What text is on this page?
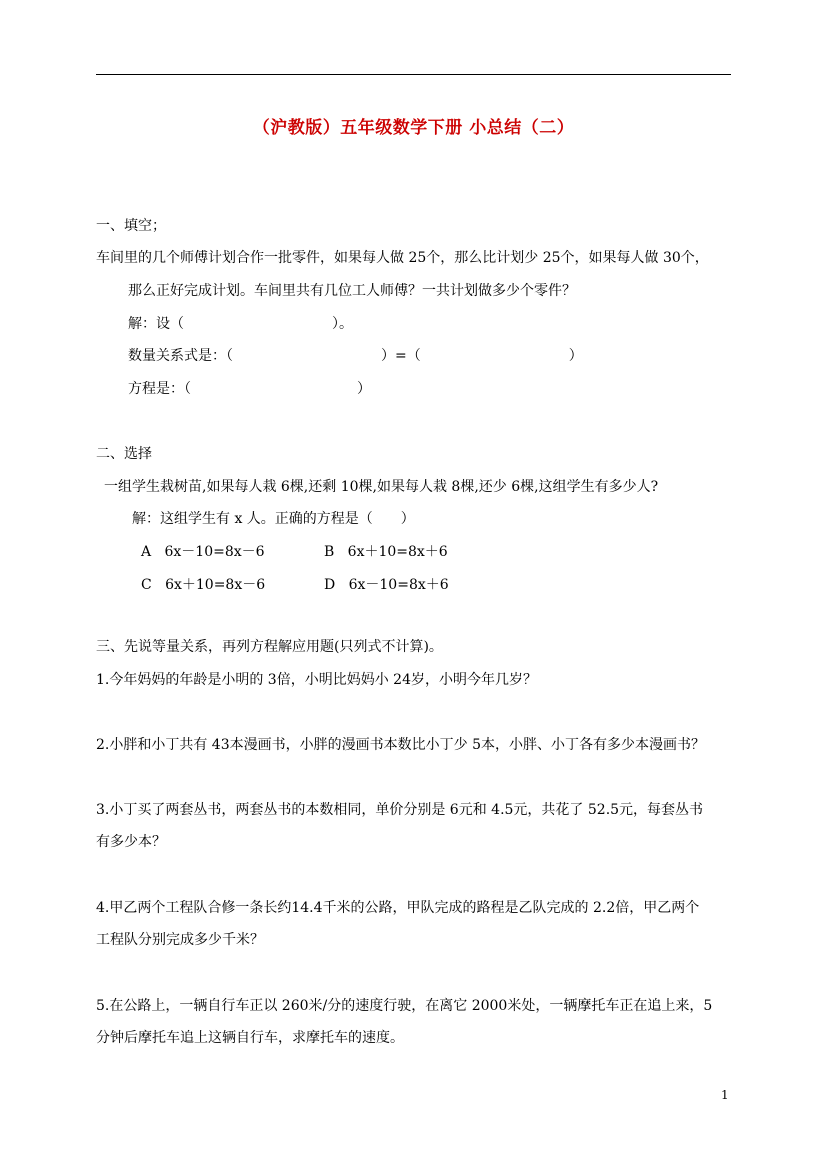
（沪教版）五年级数学下册 小总结（二）
一、填空；
车间里的几个师傅计划合作一批零件，如果每人做 25个，那么比计划少 25个，如果每人做 30个，
那么正好完成计划。车间里共有几位工人师傅？一共计划做多少个零件？
解：设（	）。
数量关系式是：（	）=（	）
方程是：（	）
二、选择
一组学生栽树苗,如果每人栽 6棵,还剩 10棵,如果每人栽 8棵,还少 6棵,这组学生有多少人?
解：这组学生有 x 人。正确的方程是（　　）
A 6x－10=8x－6	B 6x＋10=8x＋6
C 6x＋10=8x－6	D 6x－10=8x＋6
三、先说等量关系，再列方程解应用题(只列式不计算)。
1.今年妈妈的年龄是小明的 3倍，小明比妈妈小 24岁，小明今年几岁？
2.小胖和小丁共有 43本漫画书，小胖的漫画书本数比小丁少 5本，小胖、小丁各有多少本漫画书？
3.小丁买了两套丛书，两套丛书的本数相同，单价分别是 6元和 4.5元，共花了 52.5元，每套丛书
有多少本？
4.甲乙两个工程队合修一条长约14.4千米的公路，甲队完成的路程是乙队完成的 2.2倍，甲乙两个
工程队分别完成多少千米？
5.在公路上，一辆自行车正以 260米/分的速度行驶，在离它 2000米处，一辆摩托车正在追上来，5
分钟后摩托车追上这辆自行车，求摩托车的速度。
1
